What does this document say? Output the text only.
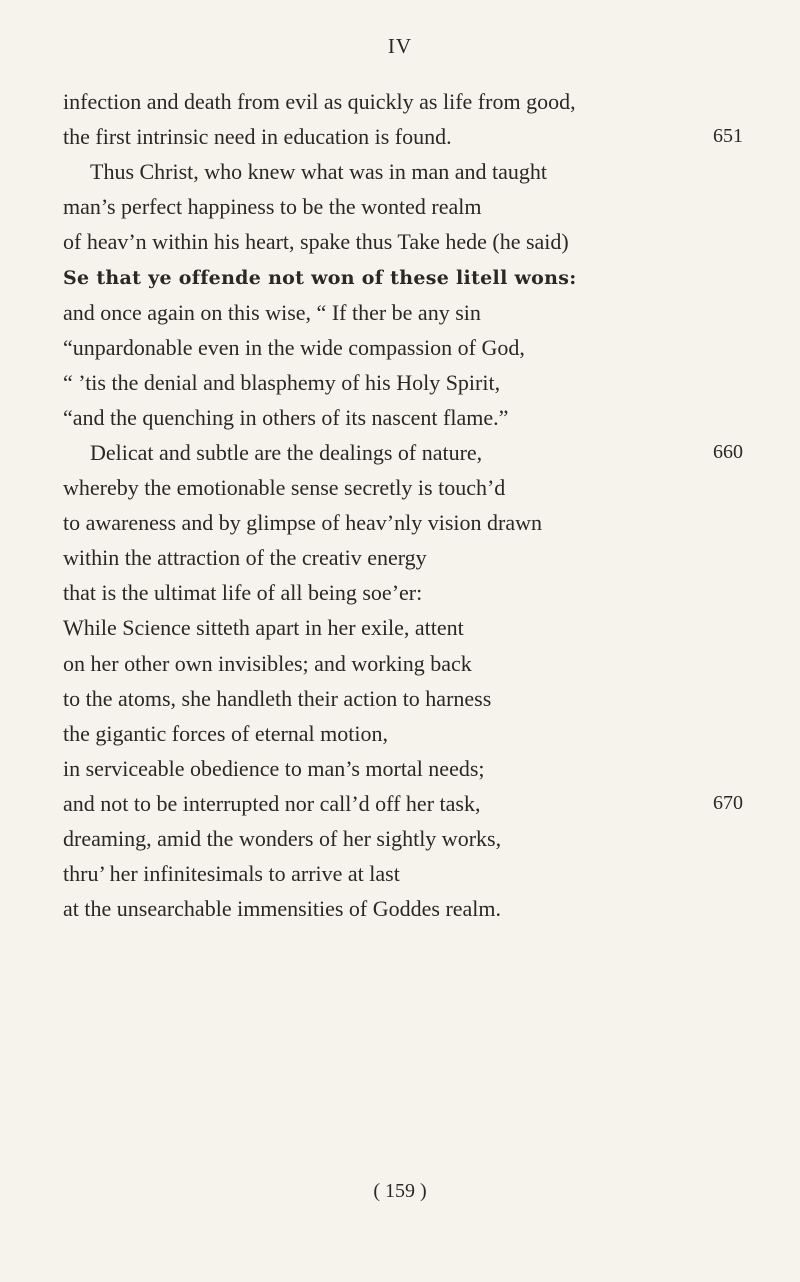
IV
infection and death from evil as quickly as life from good,
the first intrinsic need in education is found.	651
Thus Christ, who knew what was in man and taught
man’s perfect happiness to be the wonted realm
of heav’n within his heart, spake thus Take hede (he said)
Se that ye offende not won of these litell wons:
and once again on this wise, “ If ther be any sin
“unpardonable even in the wide compassion of God,
“ ’tis the denial and blasphemy of his Holy Spirit,
“and the quenching in others of its nascent flame.”
Delicat and subtle are the dealings of nature,	660
whereby the emotionable sense secretly is touch’d
to awareness and by glimpse of heav’nly vision drawn
within the attraction of the creativ energy
that is the ultimat life of all being soe’er:
While Science sitteth apart in her exile, attent
on her other own invisibles; and working back
to the atoms, she handleth their action to harness
the gigantic forces of eternal motion,
in serviceable obedience to man’s mortal needs;
and not to be interrupted nor call’d off her task,	670
dreaming, amid the wonders of her sightly works,
thru’ her infinitesimals to arrive at last
at the unsearchable immensities of Goddes realm.
( 159 )
